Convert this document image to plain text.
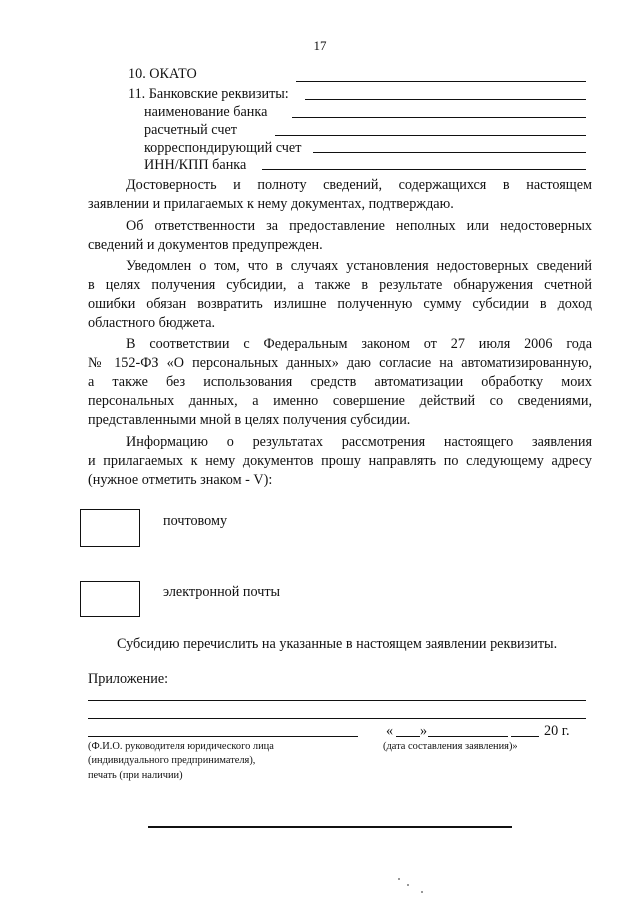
17
10. ОКАТО
11. Банковские реквизиты:
наименование банка
расчетный счет
корреспондирующий счет
ИНН/КПП банка
Достоверность и полноту сведений, содержащихся в настоящем
заявлении и прилагаемых к нему документах, подтверждаю.
Об ответственности за предоставление неполных или недостоверных
сведений и документов предупрежден.
Уведомлен о том, что в случаях установления недостоверных сведений
в целях получения субсидии, а также в результате обнаружения счетной
ошибки обязан возвратить излишне полученную сумму субсидии в доход
областного бюджета.
В соответствии с Федеральным законом от 27 июля 2006 года
№ 152-ФЗ «О персональных данных» даю согласие на автоматизированную,
а также без использования средств автоматизации обработку моих
персональных данных, а именно совершение действий со сведениями,
представленными мной в целях получения субсидии.
Информацию о результатах рассмотрения настоящего заявления
и прилагаемых к нему документов прошу направлять по следующему адресу
(нужное отметить знаком - V):
почтовому
электронной почты
Субсидию перечислить на указанные в настоящем заявлении реквизиты.
Приложение:
« »	20 г.
(Ф.И.О. руководителя юридического лица
(индивидуального предпринимателя),
печать (при наличии)
(дата составления заявления)»
